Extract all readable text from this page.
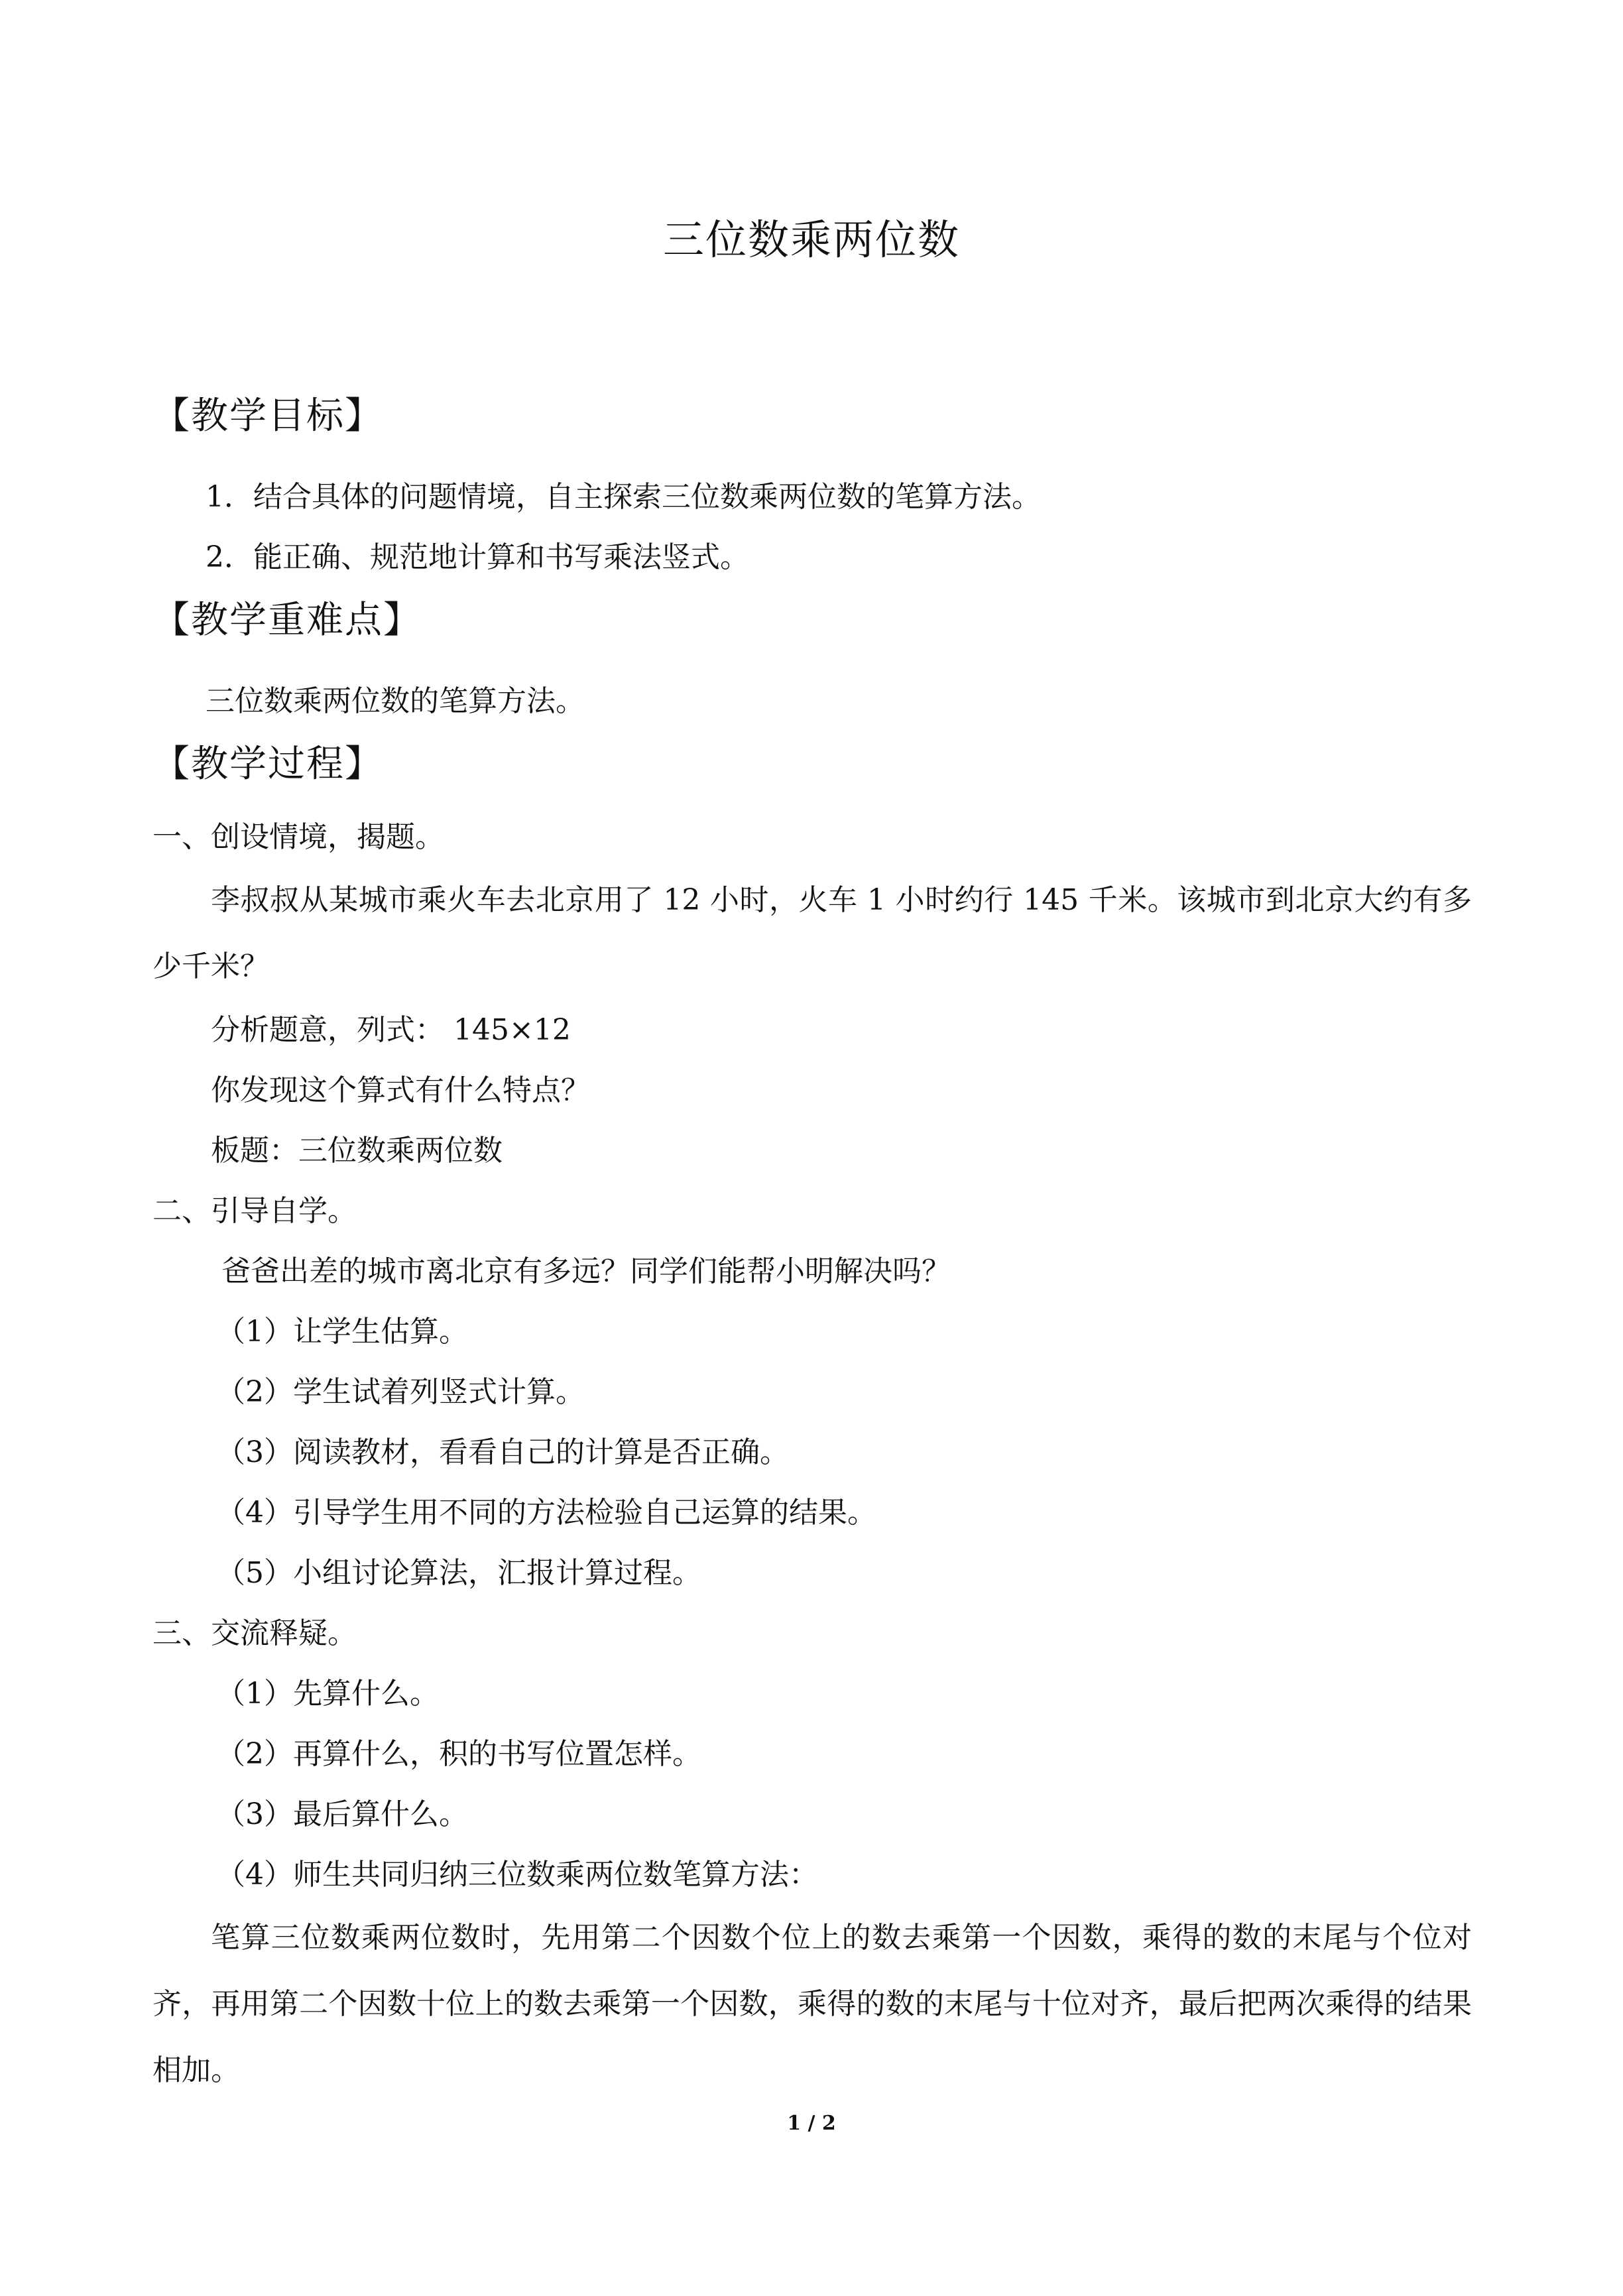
三位数乘两位数
【教学目标】
1．结合具体的问题情境，自主探索三位数乘两位数的笔算方法。
2．能正确、规范地计算和书写乘法竖式。
【教学重难点】
三位数乘两位数的笔算方法。
【教学过程】
一、创设情境，揭题。

李叔叔从某城市乘火车去北京用了 12 小时，火车 1 小时约行 145 千米。该城市到北京大约有多少千米？

分析题意，列式： 145×12
你发现这个算式有什么特点？
板题：三位数乘两位数
二、引导自学。
爸爸出差的城市离北京有多远？同学们能帮小明解决吗？
（1）让学生估算。
（2）学生试着列竖式计算。
（3）阅读教材，看看自己的计算是否正确。
（4）引导学生用不同的方法检验自己运算的结果。
（5）小组讨论算法，汇报计算过程。
三、交流释疑。
（1）先算什么。
（2）再算什么，积的书写位置怎样。
（3）最后算什么。
（4）师生共同归纳三位数乘两位数笔算方法：

笔算三位数乘两位数时，先用第二个因数个位上的数去乘第一个因数，乘得的数的末尾与个位对齐，再用第二个因数十位上的数去乘第一个因数，乘得的数的末尾与十位对齐，最后把两次乘得的结果相加。

1 / 2
